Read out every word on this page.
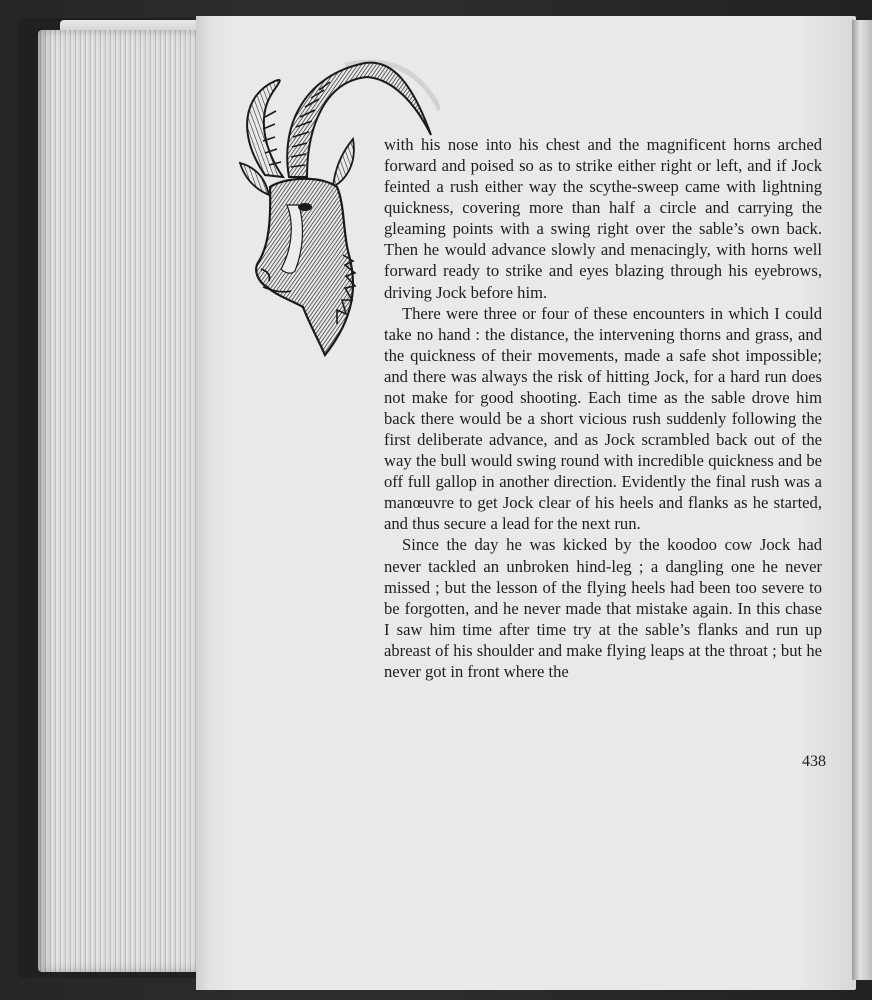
with his nose into his chest and the magnificent horns arched forward and poised so as to strike either right or left, and if Jock feinted a rush either way the scythe-sweep came with lightning quickness, covering more than half a circle and carrying the gleaming points with a swing right over the sable’s own back. Then he would advance slowly and menacingly, with horns well forward ready to strike and eyes blazing through his eyebrows, driving Jock before him.

There were three or four of these encounters in which I could take no hand : the distance, the intervening thorns and grass, and the quickness of their movements, made a safe shot impossible; and there was always the risk of hitting Jock, for a hard run does not make for good shooting. Each time as the sable drove him back there would be a short vicious rush suddenly following the first deliberate advance, and as Jock scrambled back out of the way the bull would swing round with incredible quickness and be off full gallop in another direction. Evidently the final rush was a manœuvre to get Jock clear of his heels and flanks as he started, and thus secure a lead for the next run.

Since the day he was kicked by the koodoo cow Jock had never tackled an unbroken hind-leg ; a dangling one he never missed ; but the lesson of the flying heels had been too severe to be forgotten, and he never made that mistake again. In this chase I saw him time after time try at the sable’s flanks and run up abreast of his shoulder and make flying leaps at the throat ; but he never got in front where the

438
